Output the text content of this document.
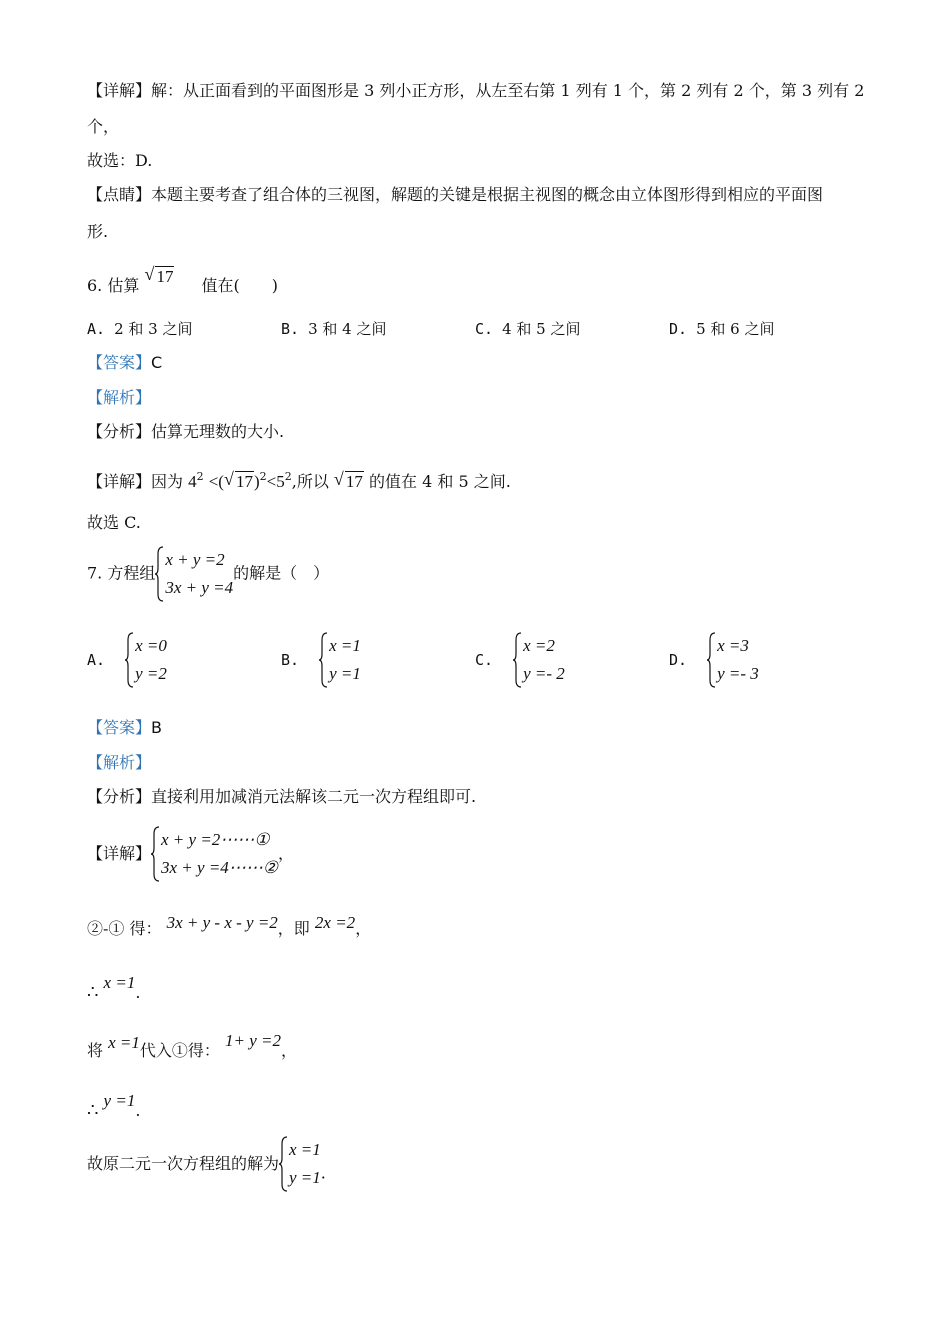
【详解】解：从正面看到的平面图形是 3 列小正方形，从左至右第 1 列有 1 个，第 2 列有 2 个，第 3 列有 2
个，
故选：D.
【点睛】本题主要考查了组合体的三视图，解题的关键是根据主视图的概念由立体图形得到相应的平面图
形.
6. 估算
√ 17 值在(　　)
A. 2 和 3 之间	B. 3 和 4 之间	C. 4 和 5 之间	D. 5 和 6 之间
【答案】C
【解析】
【分析】估算无理数的大小.
【详解】因为 $4^2$ <( √ $17)^2<5^2$,所以 √ 17 的值在 4 和 5 之间.
故选 C.
7. 方程组
x + y =2
3x + y =4
的解是（　）
A.
x =0
y =2
B.
x =1
y =1
C.
x =2
y =- 2
D.
x =3
y =- 3
【答案】B
【解析】
【分析】直接利用加减消元法解该二元一次方程组即可.
【详解】
x + y =2⋯⋯①
3x + y =4⋯⋯②
，
②-① 得： 3x + y - x - y =2，即 2x =2，
∴ x =1.
将 x =1代入①得： 1+ y =2，
∴ y =1.
故原二元一次方程组的解为
x =1
y =1 .
